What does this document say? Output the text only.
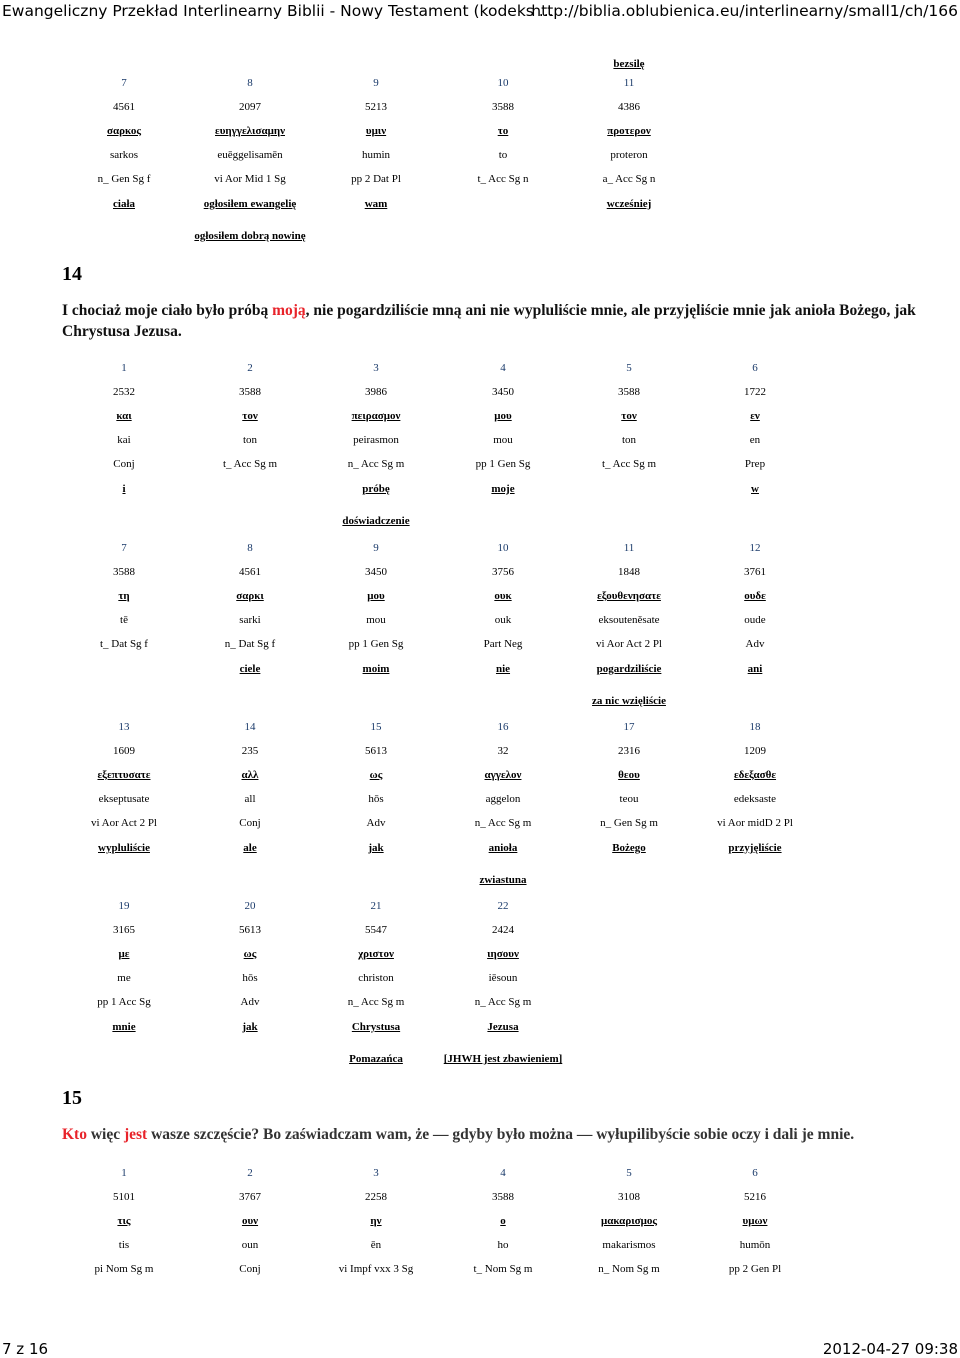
Ewangeliczny Przekład Interlinearny Biblii - Nowy Testament (kodeks ...
http://biblia.oblubienica.eu/interlinearny/small1/ch/166
bezsilę
7
4561
σαρκος
sarkos
n_ Gen Sg f
ciała
8
2097
ευηγγελισαμην
euēggelisamēn
vi Aor Mid 1 Sg
ogłosiłem ewangelię
ogłosiłem dobrą nowinę
9
5213
υμιν
humin
pp 2 Dat Pl
wam
10
3588
το
to
t_ Acc Sg n
11
4386
προτερον
proteron
a_ Acc Sg n
wcześniej
14
I chociaż moje ciało było próbą moją, nie pogardziliście mną ani nie wypluliście mnie, ale przyjęliście mnie jak anioła Bożego, jak Chrystusa Jezusa.
1
2532
και
kai
Conj
i
2
3588
τον
ton
t_ Acc Sg m
3
3986
πειρασμον
peirasmon
n_ Acc Sg m
próbę
doświadczenie
4
3450
μου
mou
pp 1 Gen Sg
moje
5
3588
τον
ton
t_ Acc Sg m
6
1722
εν
en
Prep
w
7
3588
τη
tē
t_ Dat Sg f
8
4561
σαρκι
sarki
n_ Dat Sg f
ciele
9
3450
μου
mou
pp 1 Gen Sg
moim
10
3756
ουκ
ouk
Part Neg
nie
11
1848
εξουθενησατε
eksouteněsate
vi Aor Act 2 Pl
pogardziliście
za nic wzięliście
12
3761
ουδε
oude
Adv
ani
13
1609
εξεπτυσατε
ekseptusate
vi Aor Act 2 Pl
wypluliście
14
235
αλλ
all
Conj
ale
15
5613
ως
hōs
Adv
jak
16
32
αγγελον
aggelon
n_ Acc Sg m
anioła
zwiastuna
17
2316
θεου
teou
n_ Gen Sg m
Bożego
18
1209
εδεξασθε
edeksaste
vi Aor midD 2 Pl
przyjęliście
19
3165
με
me
pp 1 Acc Sg
mnie
20
5613
ως
hōs
Adv
jak
21
5547
χριστον
christon
n_ Acc Sg m
Chrystusa
Pomazańca
22
2424
ιησουν
iēsoun
n_ Acc Sg m
Jezusa
[JHWH jest zbawieniem]
15
Kto więc jest wasze szczęście? Bo zaświadczam wam, że — gdyby było można — wyłupilibyście sobie oczy i dali je mnie.
1
5101
τις
tis
pi Nom Sg m
2
3767
ουν
oun
Conj
3
2258
ην
ēn
vi Impf vxx 3 Sg
4
3588
ο
ho
t_ Nom Sg m
5
3108
μακαρισμος
makarismos
n_ Nom Sg m
6
5216
υμων
humōn
pp 2 Gen Pl
7 z 16	2012-04-27 09:38
